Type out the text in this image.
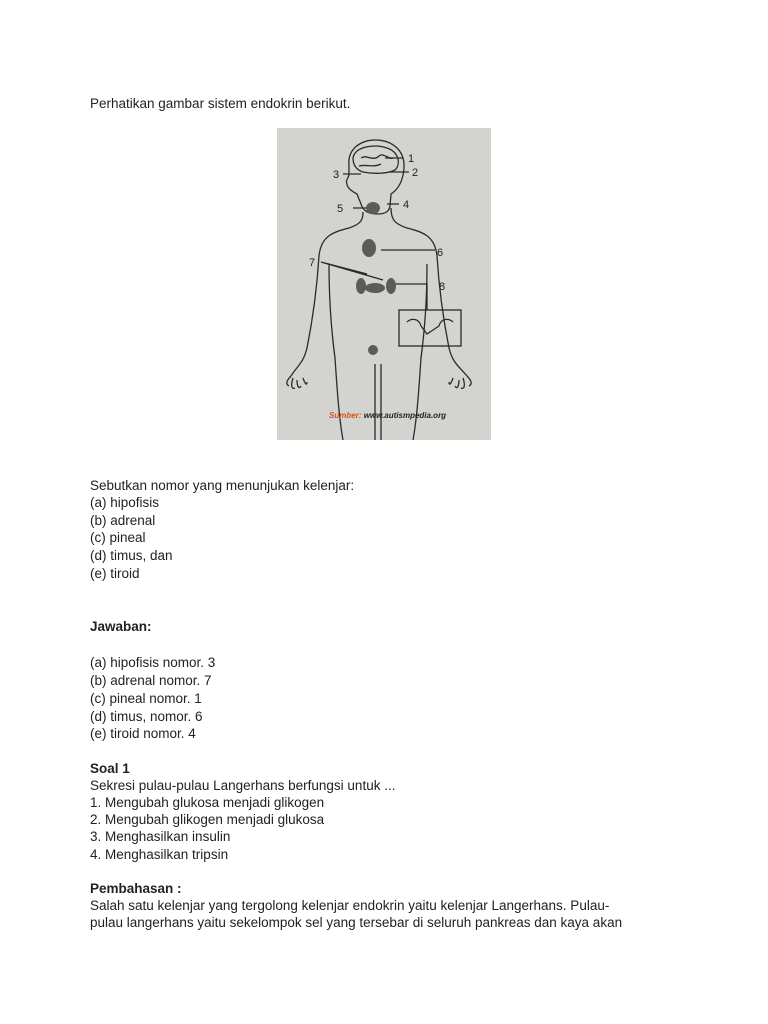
Perhatikan gambar sistem endokrin berikut.
1
2
3
4
5
6
7
8
Sumber: www.autismpedia.org
Sebutkan nomor yang menunjukan kelenjar:
(a) hipofisis
(b) adrenal
(c) pineal
(d) timus, dan
(e) tiroid
Jawaban:
(a) hipofisis nomor. 3
(b) adrenal nomor. 7
(c) pineal nomor. 1
(d) timus, nomor. 6
(e) tiroid nomor. 4
Soal 1
Sekresi pulau-pulau Langerhans berfungsi untuk ...
1. Mengubah glukosa menjadi glikogen
2. Mengubah glikogen menjadi glukosa
3. Menghasilkan insulin
4. Menghasilkan tripsin
Pembahasan :
Salah satu kelenjar yang tergolong kelenjar endokrin yaitu kelenjar Langerhans. Pulau-
pulau langerhans yaitu sekelompok sel yang tersebar di seluruh pankreas dan kaya akan
